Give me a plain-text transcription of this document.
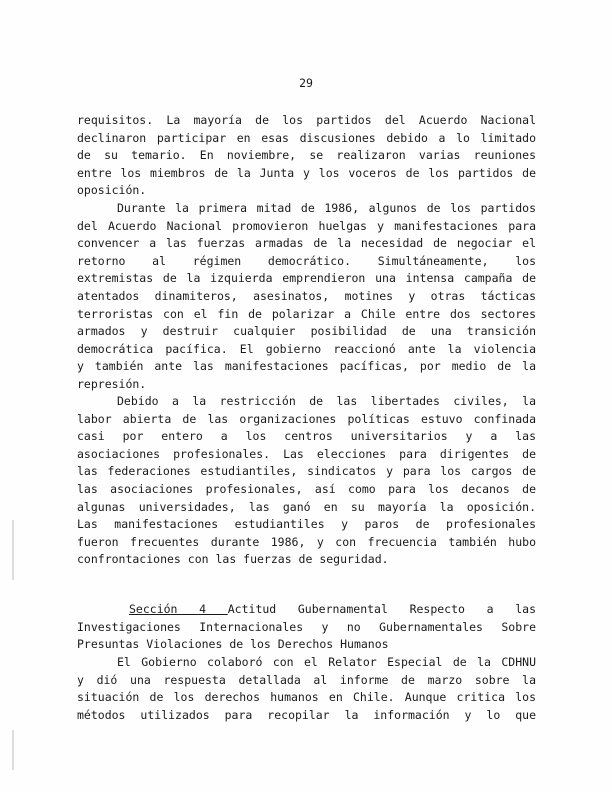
29
requisitos. La mayoría de los partidos del Acuerdo Nacional
declinaron participar en esas discusiones debido a lo limitado
de su temario. En noviembre, se realizaron varias reuniones
entre los miembros de la Junta y los voceros de los partidos de
oposición.
Durante la primera mitad de 1986, algunos de los partidos
del Acuerdo Nacional promovieron huelgas y manifestaciones para
convencer a las fuerzas armadas de la necesidad de negociar el
retorno al régimen democrático. Simultáneamente, los
extremistas de la izquierda emprendieron una intensa campaña de
atentados dinamiteros, asesinatos, motines y otras tácticas
terroristas con el fin de polarizar a Chile entre dos sectores
armados y destruir cualquier posibilidad de una transición
democrática pacífica. El gobierno reaccionó ante la violencia
y también ante las manifestaciones pacíficas, por medio de la
represión.
Debido a la restricción de las libertades civiles, la
labor abierta de las organizaciones políticas estuvo confinada
casi por entero a los centros universitarios y a las
asociaciones profesionales. Las elecciones para dirigentes de
las federaciones estudiantiles, sindicatos y para los cargos de
las asociaciones profesionales, así como para los decanos de
algunas universidades, las ganó en su mayoría la oposición.
Las manifestaciones estudiantiles y paros de profesionales
fueron frecuentes durante 1986, y con frecuencia también hubo
confrontaciones con las fuerzas de seguridad.
Sección 4 Actitud Gubernamental Respecto a las
Investigaciones Internacionales y no Gubernamentales Sobre
Presuntas Violaciones de los Derechos Humanos
El Gobierno colaboró con el Relator Especial de la CDHNU
y dió una respuesta detallada al informe de marzo sobre la
situación de los derechos humanos en Chile. Aunque critica los
métodos utilizados para recopilar la información y lo que
